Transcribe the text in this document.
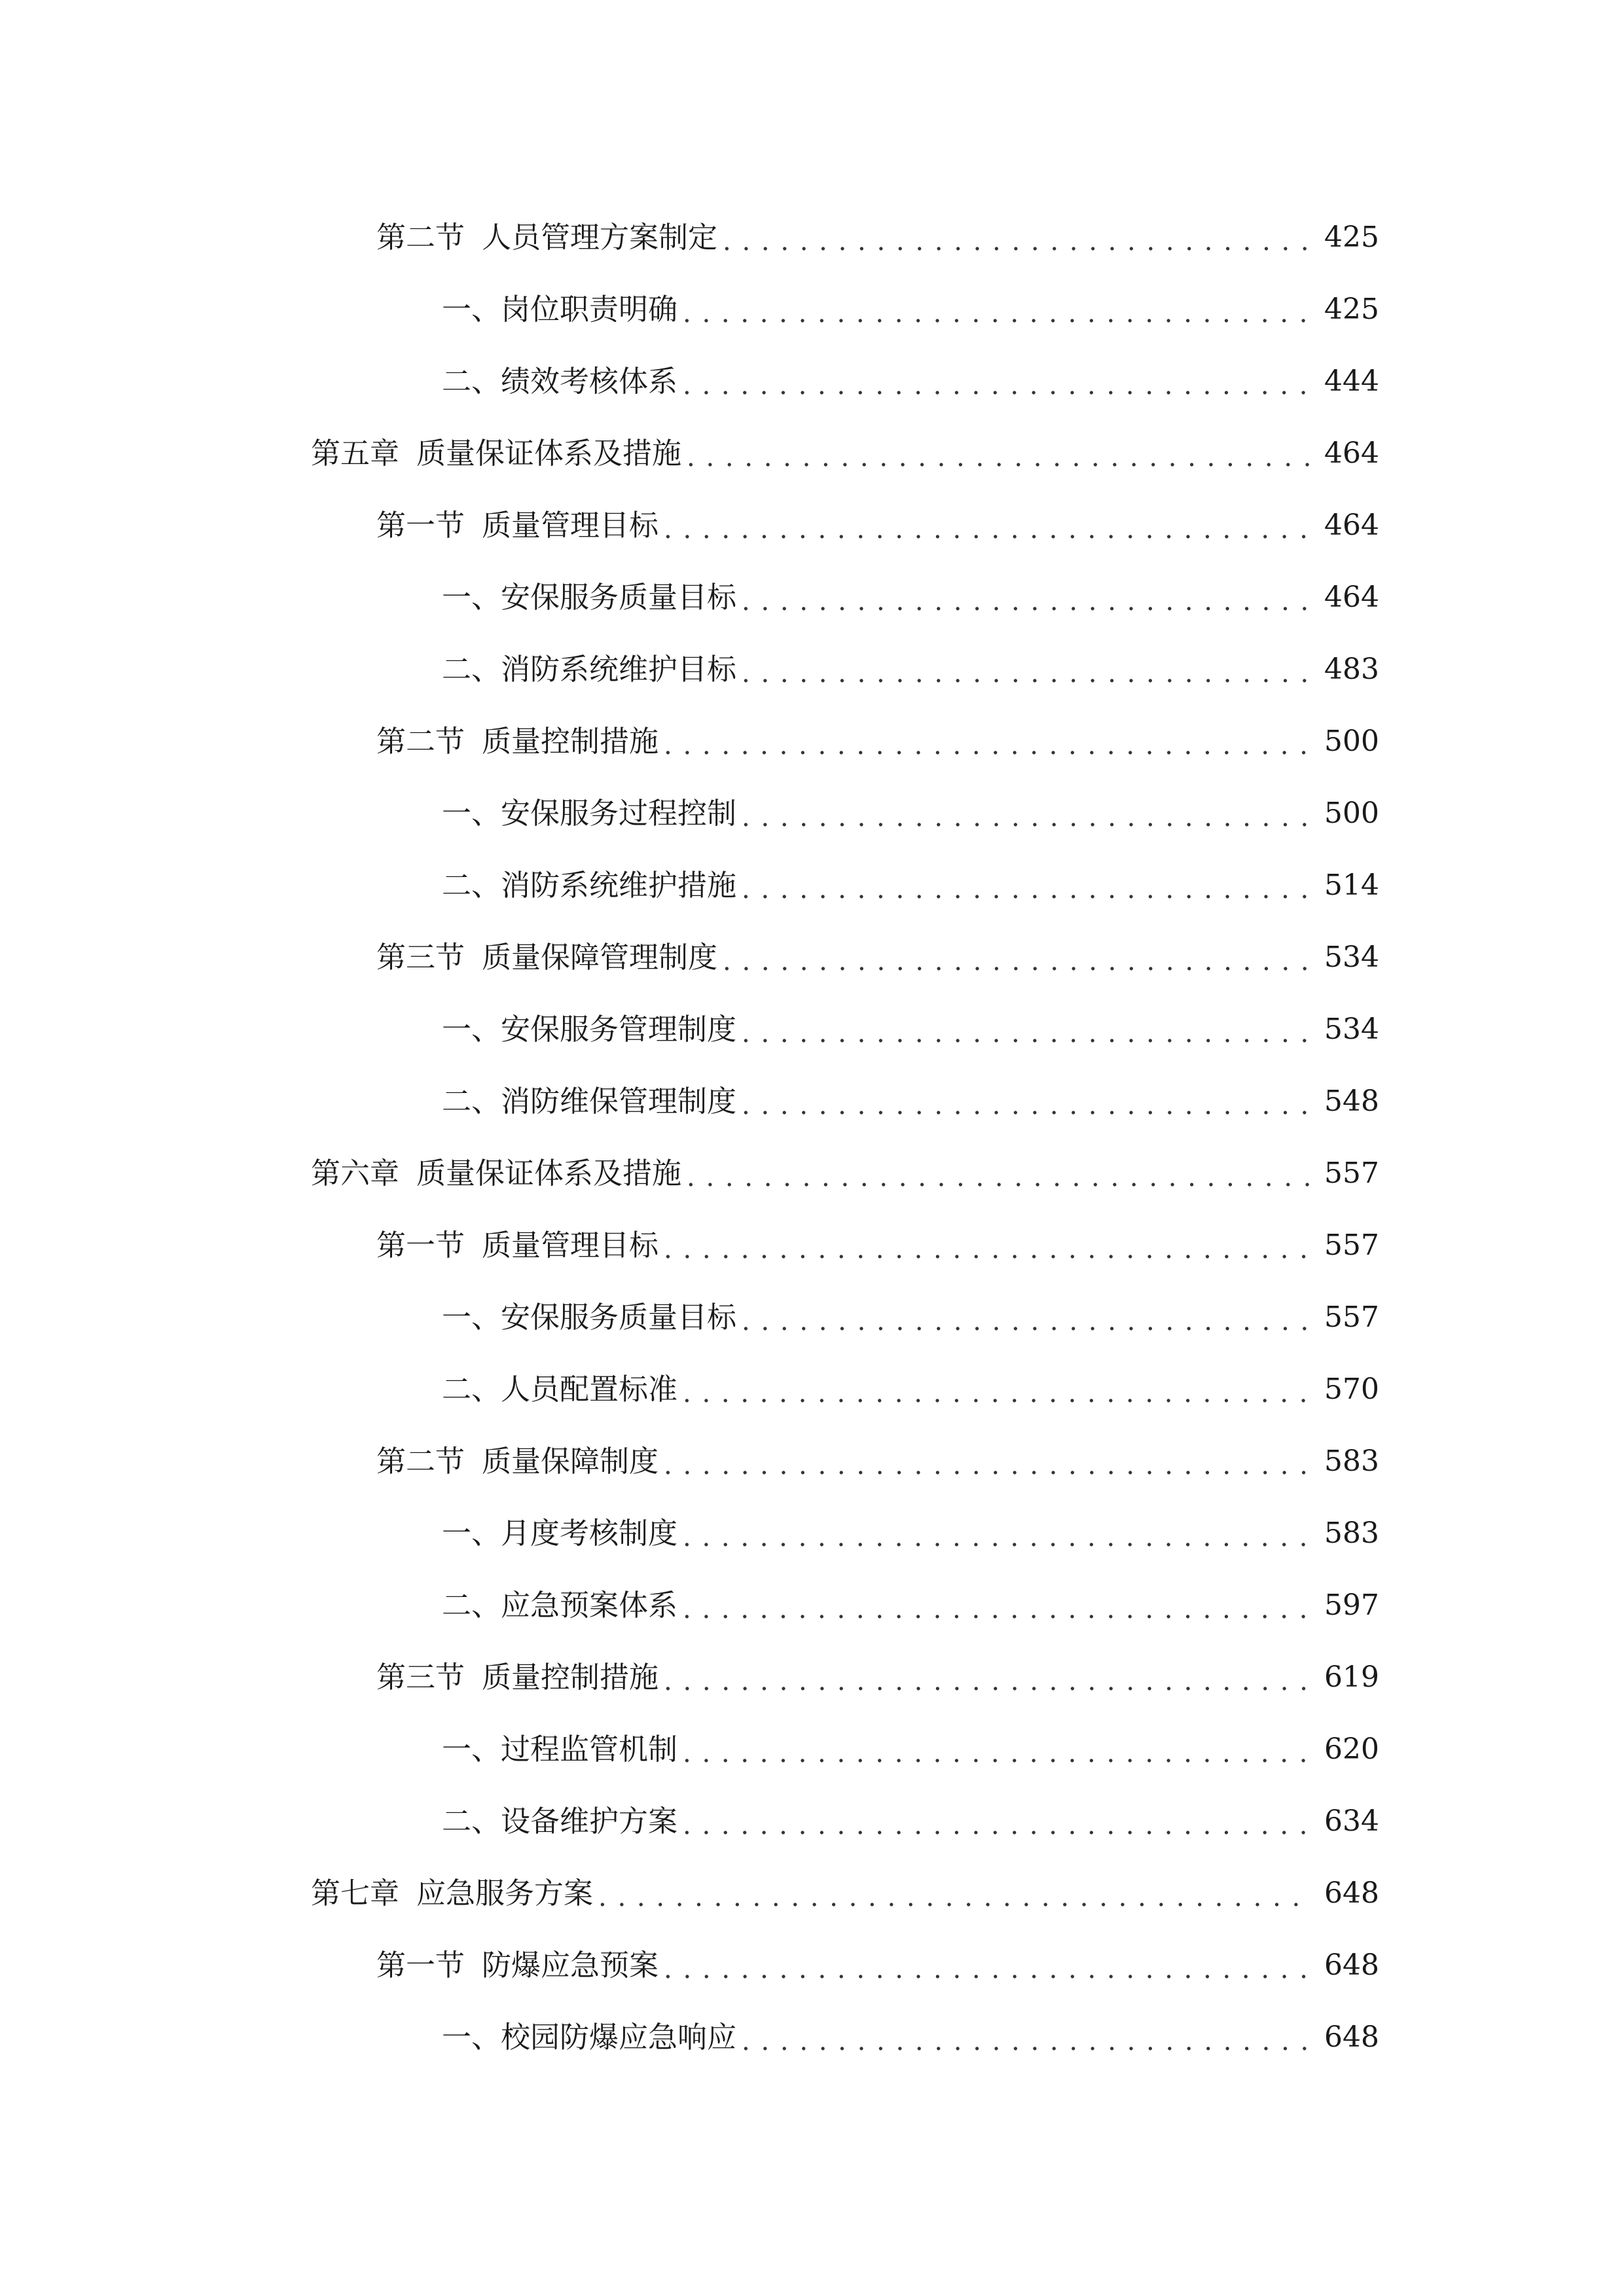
第二节 人员管理方案制定 . . .	425
一、 岗位职责明确 . . .	425
二、 绩效考核体系 . . .	444
第五章 质量保证体系及措施 . . .	464
第一节 质量管理目标 . . .	464
一、 安保服务质量目标 . . .	464
二、 消防系统维护目标 . . .	483
第二节 质量控制措施 . . .	500
一、 安保服务过程控制 . . .	500
二、 消防系统维护措施 . . .	514
第三节 质量保障管理制度 . . .	534
一、 安保服务管理制度 . . .	534
二、 消防维保管理制度 . . .	548
第六章 质量保证体系及措施 . . .	557
第一节 质量管理目标 . . .	557
一、 安保服务质量目标 . . .	557
二、 人员配置标准 . . .	570
第二节 质量保障制度 . . .	583
一、 月度考核制度 . . .	583
二、 应急预案体系 . . .	597
第三节 质量控制措施 . . .	619
一、 过程监管机制 . . .	620
二、 设备维护方案 . . .	634
第七章 应急服务方案 . . .	648
第一节 防爆应急预案 . . .	648
一、 校园防爆应急响应 . . .	648
